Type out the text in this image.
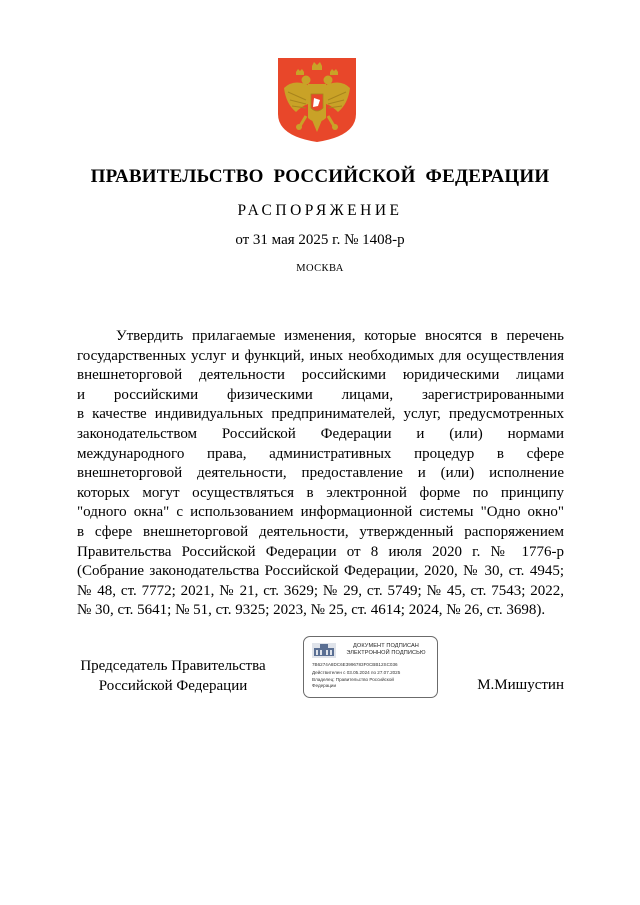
ПРАВИТЕЛЬСТВО РОССИЙСКОЙ ФЕДЕРАЦИИ
РАСПОРЯЖЕНИЕ
от 31 мая 2025 г. № 1408-р
МОСКВА
Утвердить прилагаемые изменения, которые вносятся в перечень
государственных услуг и функций, иных необходимых для осуществления
внешнеторговой деятельности российскими юридическими лицами
и российскими физическими лицами, зарегистрированными
в качестве индивидуальных предпринимателей, услуг, предусмотренных
законодательством Российской Федерации и (или) нормами
международного права, административных процедур в сфере
внешнеторговой деятельности, предоставление и (или) исполнение
которых могут осуществляться в электронной форме по принципу
"одного окна" с использованием информационной системы "Одно окно"
в сфере внешнеторговой деятельности, утвержденный распоряжением
Правительства Российской Федерации от 8 июля 2020 г. № 1776-р
(Собрание законодательства Российской Федерации, 2020, № 30, ст. 4945;
№ 48, ст. 7772; 2021, № 21, ст. 3629; № 29, ст. 5749; № 45, ст. 7543; 2022,
№ 30, ст. 5641; № 51, ст. 9325; 2023, № 25, ст. 4614; 2024, № 26, ст. 3698).
Председатель Правительства
Российской Федерации
ДОКУМЕНТ ПОДПИСАН
ЭЛЕКТРОННОЙ ПОДПИСЬЮ
7B6274A8DC6E3996783F0CBB12SC036
Действителен с 03.05.2024 по 27.07.2025
Владелец: Правительство Российской
Федерации	М.Мишустин
